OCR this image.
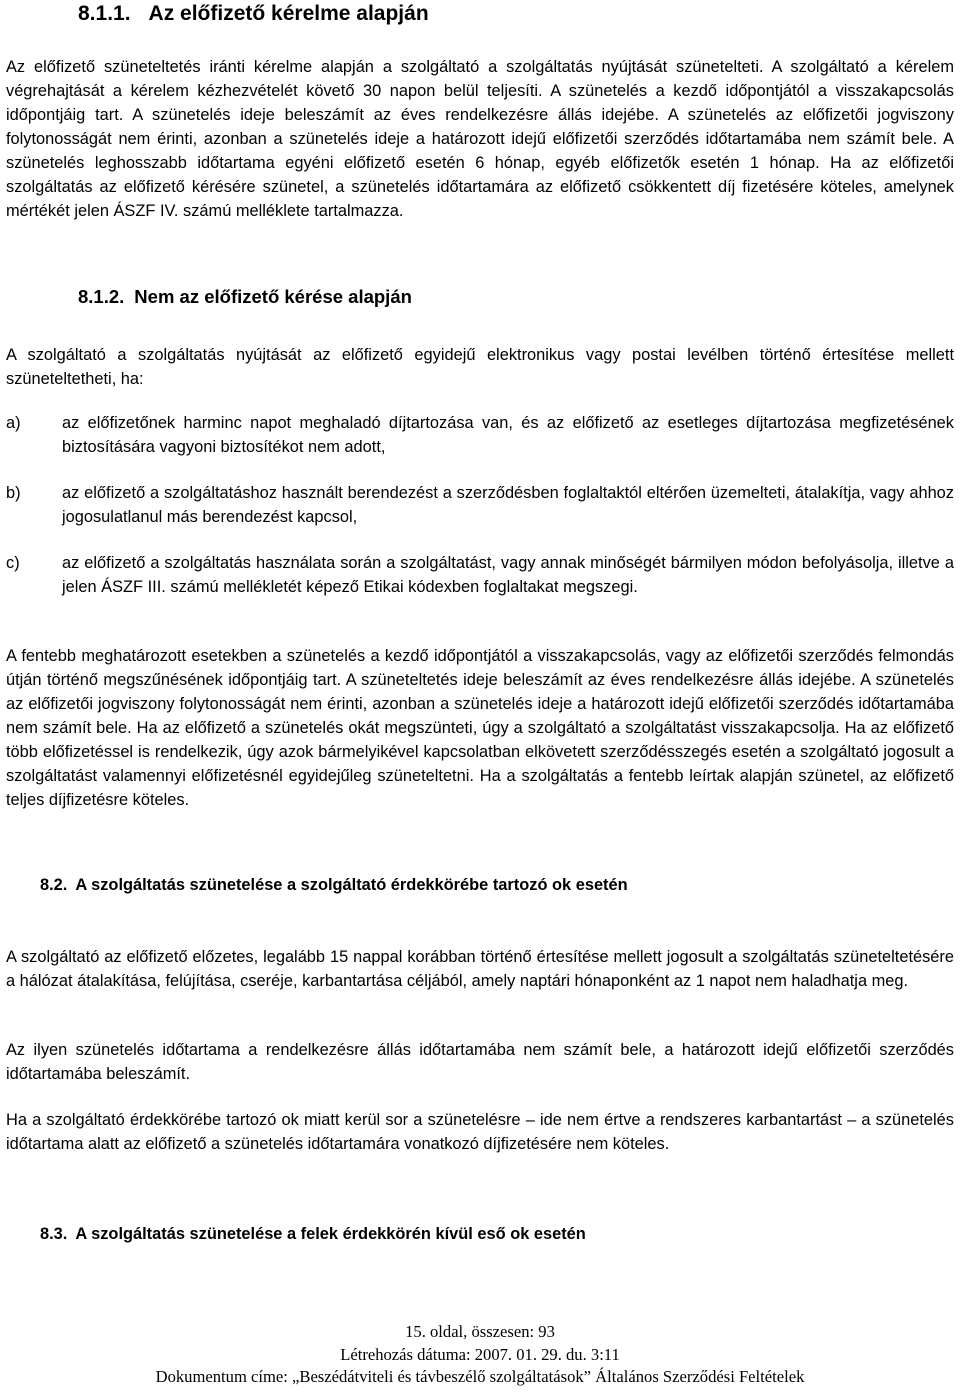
8.1.1. Az előfizető kérelme alapján

Az előfizető szüneteltetés iránti kérelme alapján a szolgáltató a szolgáltatás nyújtását szünetelteti. A szolgáltató a kérelem végrehajtását a kérelem kézhezvételét követő 30 napon belül teljesíti. A szünetelés a kezdő időpontjától a visszakapcsolás időpontjáig tart. A szünetelés ideje beleszámít az éves rendelkezésre állás idejébe. A szünetelés az előfizetői jogviszony folytonosságát nem érinti, azonban a szünetelés ideje a határozott idejű előfizetői szerződés időtartamába nem számít bele. A szünetelés leghosszabb időtartama egyéni előfizető esetén 6 hónap, egyéb előfizetők esetén 1 hónap. Ha az előfizetői szolgáltatás az előfizető kérésére szünetel, a szünetelés időtartamára az előfizető csökkentett díj fizetésére köteles, amelynek mértékét jelen ÁSZF IV. számú melléklete tartalmazza.

8.1.2. Nem az előfizető kérése alapján

A szolgáltató a szolgáltatás nyújtását az előfizető egyidejű elektronikus vagy postai levélben történő értesítése mellett szüneteltetheti, ha:

a)	az előfizetőnek harminc napot meghaladó díjtartozása van, és az előfizető az esetleges díjtartozása megfizetésének biztosítására vagyoni biztosítékot nem adott,
b)	az előfizető a szolgáltatáshoz használt berendezést a szerződésben foglaltaktól eltérően üzemelteti, átalakítja, vagy ahhoz jogosulatlanul más berendezést kapcsol,
c)	az előfizető a szolgáltatás használata során a szolgáltatást, vagy annak minőségét bármilyen módon befolyásolja, illetve a jelen ÁSZF III. számú mellékletét képező Etikai kódexben foglaltakat megszegi.

A fentebb meghatározott esetekben a szünetelés a kezdő időpontjától a visszakapcsolás, vagy az előfizetői szerződés felmondás útján történő megszűnésének időpontjáig tart. A szüneteltetés ideje beleszámít az éves rendelkezésre állás idejébe. A szünetelés az előfizetői jogviszony folytonosságát nem érinti, azonban a szünetelés ideje a határozott idejű előfizetői szerződés időtartamába nem számít bele. Ha az előfizető a szünetelés okát megszünteti, úgy a szolgáltató a szolgáltatást visszakapcsolja. Ha az előfizető több előfizetéssel is rendelkezik, úgy azok bármelyikével kapcsolatban elkövetett szerződésszegés esetén a szolgáltató jogosult a szolgáltatást valamennyi előfizetésnél egyidejűleg szüneteltetni. Ha a szolgáltatás a fentebb leírtak alapján szünetel, az előfizető teljes díjfizetésre köteles.

8.2. A szolgáltatás szünetelése a szolgáltató érdekkörébe tartozó ok esetén

A szolgáltató az előfizető előzetes, legalább 15 nappal korábban történő értesítése mellett jogosult a szolgáltatás szüneteltetésére a hálózat átalakítása, felújítása, cseréje, karbantartása céljából, amely naptári hónaponként az 1 napot nem haladhatja meg.

Az ilyen szünetelés időtartama a rendelkezésre állás időtartamába nem számít bele, a határozott idejű előfizetői szerződés időtartamába beleszámít.

Ha a szolgáltató érdekkörébe tartozó ok miatt kerül sor a szünetelésre – ide nem értve a rendszeres karbantartást – a szünetelés időtartama alatt az előfizető a szünetelés időtartamára vonatkozó díjfizetésére nem köteles.

8.3. A szolgáltatás szünetelése a felek érdekkörén kívül eső ok esetén
15. oldal, összesen: 93
Létrehozás dátuma: 2007. 01. 29. du. 3:11
Dokumentum címe: „Beszédátviteli és távbeszélő szolgáltatások” Általános Szerződési Feltételek
